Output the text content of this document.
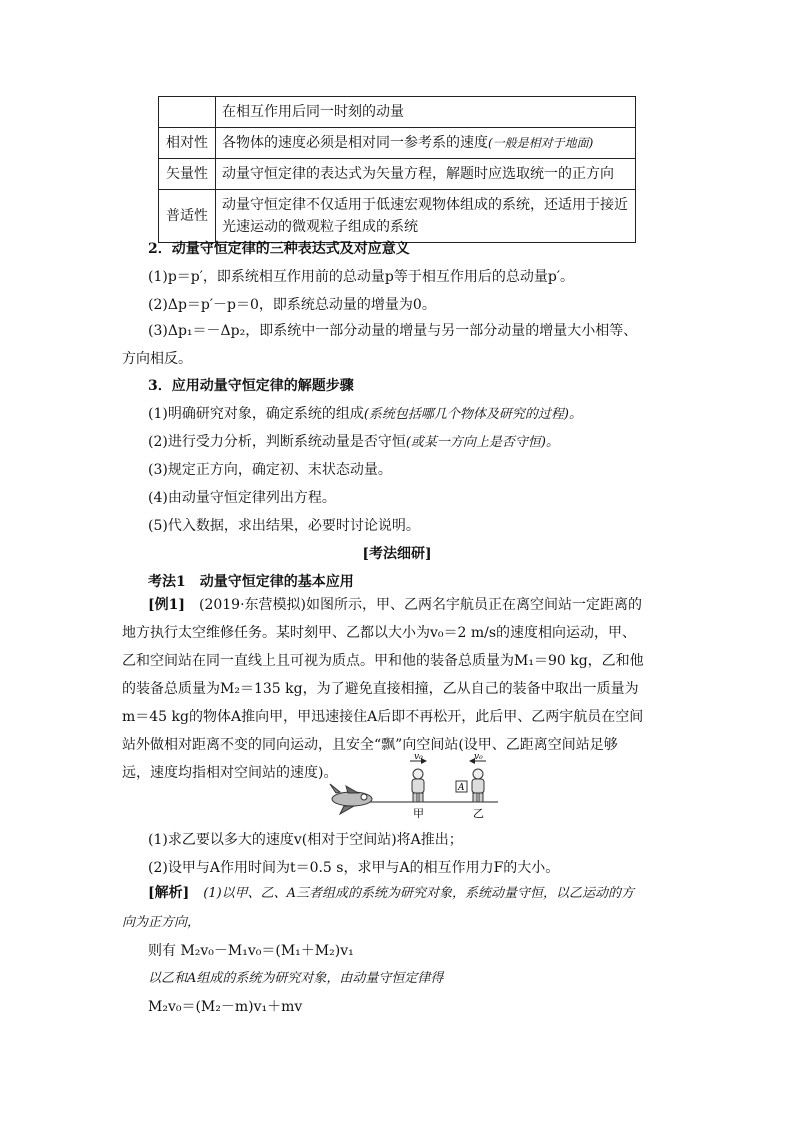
	在相互作用后同一时刻的动量
相对性	各物体的速度必须是相对同一参考系的速度(一般是相对于地面)
矢量性	动量守恒定律的表达式为矢量方程，解题时应选取统一的正方向
普适性	动量守恒定律不仅适用于低速宏观物体组成的系统，还适用于接近光速运动的微观粒子组成的系统
2．动量守恒定律的三种表达式及对应意义
(1)p＝p′，即系统相互作用前的总动量p等于相互作用后的总动量p′。
(2)Δp＝p′－p＝0，即系统总动量的增量为0。
(3)Δp₁＝－Δp₂，即系统中一部分动量的增量与另一部分动量的增量大小相等、方向相反。
3．应用动量守恒定律的解题步骤
(1)明确研究对象，确定系统的组成(系统包括哪几个物体及研究的过程)。
(2)进行受力分析，判断系统动量是否守恒(或某一方向上是否守恒)。
(3)规定正方向，确定初、末状态动量。
(4)由动量守恒定律列出方程。
(5)代入数据，求出结果，必要时讨论说明。
[考法细研]
考法1　动量守恒定律的基本应用
[例1]　 (2019·东营模拟)如图所示，甲、乙两名宇航员正在离空间站一定距离的地方执行太空维修任务。某时刻甲、乙都以大小为v₀＝2 m/s的速度相向运动，甲、乙和空间站在同一直线上且可视为质点。甲和他的装备总质量为M₁＝90 kg，乙和他的装备总质量为M₂＝135 kg，为了避免直接相撞，乙从自己的装备中取出一质量为m＝45 kg的物体A推向甲，甲迅速接住A后即不再松开，此后甲、乙两宇航员在空间站外做相对距离不变的同向运动，且安全“飘”向空间站(设甲、乙距离空间站足够远，速度均指相对空间站的速度)。
v₀	v₀
A
甲	乙
(1)求乙要以多大的速度v(相对于空间站)将A推出；
(2)设甲与A作用时间为t＝0.5 s，求甲与A的相互作用力F的大小。
[解析]　 (1)以甲、乙、A三者组成的系统为研究对象，系统动量守恒，以乙运动的方向为正方向，
则有 M₂v₀－M₁v₀＝(M₁＋M₂)v₁
以乙和A组成的系统为研究对象，由动量守恒定律得
M₂v₀＝(M₂－m)v₁＋mv
